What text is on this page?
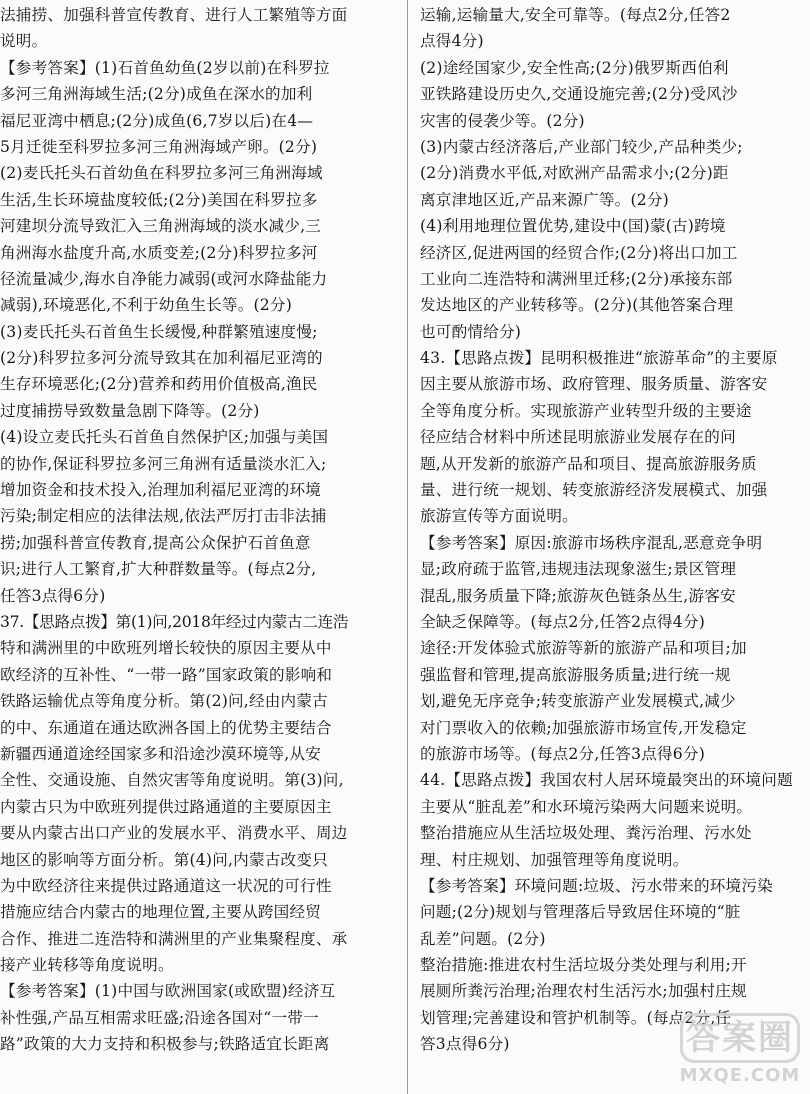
法捕捞、加强科普宣传教育、进行人工繁殖等方面
说明。
【参考答案】(1)石首鱼幼鱼(2岁以前)在科罗拉
多河三角洲海域生活;(2分)成鱼在深水的加利
福尼亚湾中栖息;(2分)成鱼(6,7岁以后)在4—
5月迁徙至科罗拉多河三角洲海域产卵。(2分)
(2)麦氏托头石首幼鱼在科罗拉多河三角洲海域
生活,生长环境盐度较低;(2分)美国在科罗拉多
河建坝分流导致汇入三角洲海域的淡水减少,三
角洲海水盐度升高,水质变差;(2分)科罗拉多河
径流量减少,海水自净能力减弱(或河水降盐能力
减弱),环境恶化,不利于幼鱼生长等。(2分)
(3)麦氏托头石首鱼生长缓慢,种群繁殖速度慢;
(2分)科罗拉多河分流导致其在加利福尼亚湾的
生存环境恶化;(2分)营养和药用价值极高,渔民
过度捕捞导致数量急剧下降等。(2分)
(4)设立麦氏托头石首鱼自然保护区;加强与美国
的协作,保证科罗拉多河三角洲有适量淡水汇入;
增加资金和技术投入,治理加利福尼亚湾的环境
污染;制定相应的法律法规,依法严厉打击非法捕
捞;加强科普宣传教育,提高公众保护石首鱼意
识;进行人工繁育,扩大种群数量等。(每点2分,
任答3点得6分)
37.【思路点拨】第(1)问,2018年经过内蒙古二连浩
特和满洲里的中欧班列增长较快的原因主要从中
欧经济的互补性、“一带一路”国家政策的影响和
铁路运输优点等角度分析。第(2)问,经由内蒙古
的中、东通道在通达欧洲各国上的优势主要结合
新疆西通道途经国家多和沿途沙漠环境等,从安
全性、交通设施、自然灾害等角度说明。第(3)问,
内蒙古只为中欧班列提供过路通道的主要原因主
要从内蒙古出口产业的发展水平、消费水平、周边
地区的影响等方面分析。第(4)问,内蒙古改变只
为中欧经济往来提供过路通道这一状况的可行性
措施应结合内蒙古的地理位置,主要从跨国经贸
合作、推进二连浩特和满洲里的产业集聚程度、承
接产业转移等角度说明。
【参考答案】(1)中国与欧洲国家(或欧盟)经济互
补性强,产品互相需求旺盛;沿途各国对“一带一
路”政策的大力支持和积极参与;铁路适宜长距离
运输,运输量大,安全可靠等。(每点2分,任答2
点得4分)
(2)途经国家少,安全性高;(2分)俄罗斯西伯利
亚铁路建设历史久,交通设施完善;(2分)受风沙
灾害的侵袭少等。(2分)
(3)内蒙古经济落后,产业部门较少,产品种类少;
(2分)消费水平低,对欧洲产品需求小;(2分)距
离京津地区近,产品来源广等。(2分)
(4)利用地理位置优势,建设中(国)蒙(古)跨境
经济区,促进两国的经贸合作;(2分)将出口加工
工业向二连浩特和满洲里迁移;(2分)承接东部
发达地区的产业转移等。(2分)(其他答案合理
也可酌情给分)
43.【思路点拨】昆明积极推进“旅游革命”的主要原
因主要从旅游市场、政府管理、服务质量、游客安
全等角度分析。实现旅游产业转型升级的主要途
径应结合材料中所述昆明旅游业发展存在的问
题,从开发新的旅游产品和项目、提高旅游服务质
量、进行统一规划、转变旅游经济发展模式、加强
旅游宣传等方面说明。
【参考答案】原因:旅游市场秩序混乱,恶意竞争明
显;政府疏于监管,违规违法现象滋生;景区管理
混乱,服务质量下降;旅游灰色链条丛生,游客安
全缺乏保障等。(每点2分,任答2点得4分)
途径:开发体验式旅游等新的旅游产品和项目;加
强监督和管理,提高旅游服务质量;进行统一规
划,避免无序竞争;转变旅游产业发展模式,减少
对门票收入的依赖;加强旅游市场宣传,开发稳定
的旅游市场等。(每点2分,任答3点得6分)
44.【思路点拨】我国农村人居环境最突出的环境问题
主要从“脏乱差”和水环境污染两大问题来说明。
整治措施应从生活垃圾处理、粪污治理、污水处
理、村庄规划、加强管理等角度说明。
【参考答案】环境问题:垃圾、污水带来的环境污染
问题;(2分)规划与管理落后导致居住环境的“脏
乱差”问题。(2分)
整治措施:推进农村生活垃圾分类处理与利用;开
展厕所粪污治理;治理农村生活污水;加强村庄规
划管理;完善建设和管护机制等。(每点2分,任
答3点得6分)	答案圈
MXQE.COM
